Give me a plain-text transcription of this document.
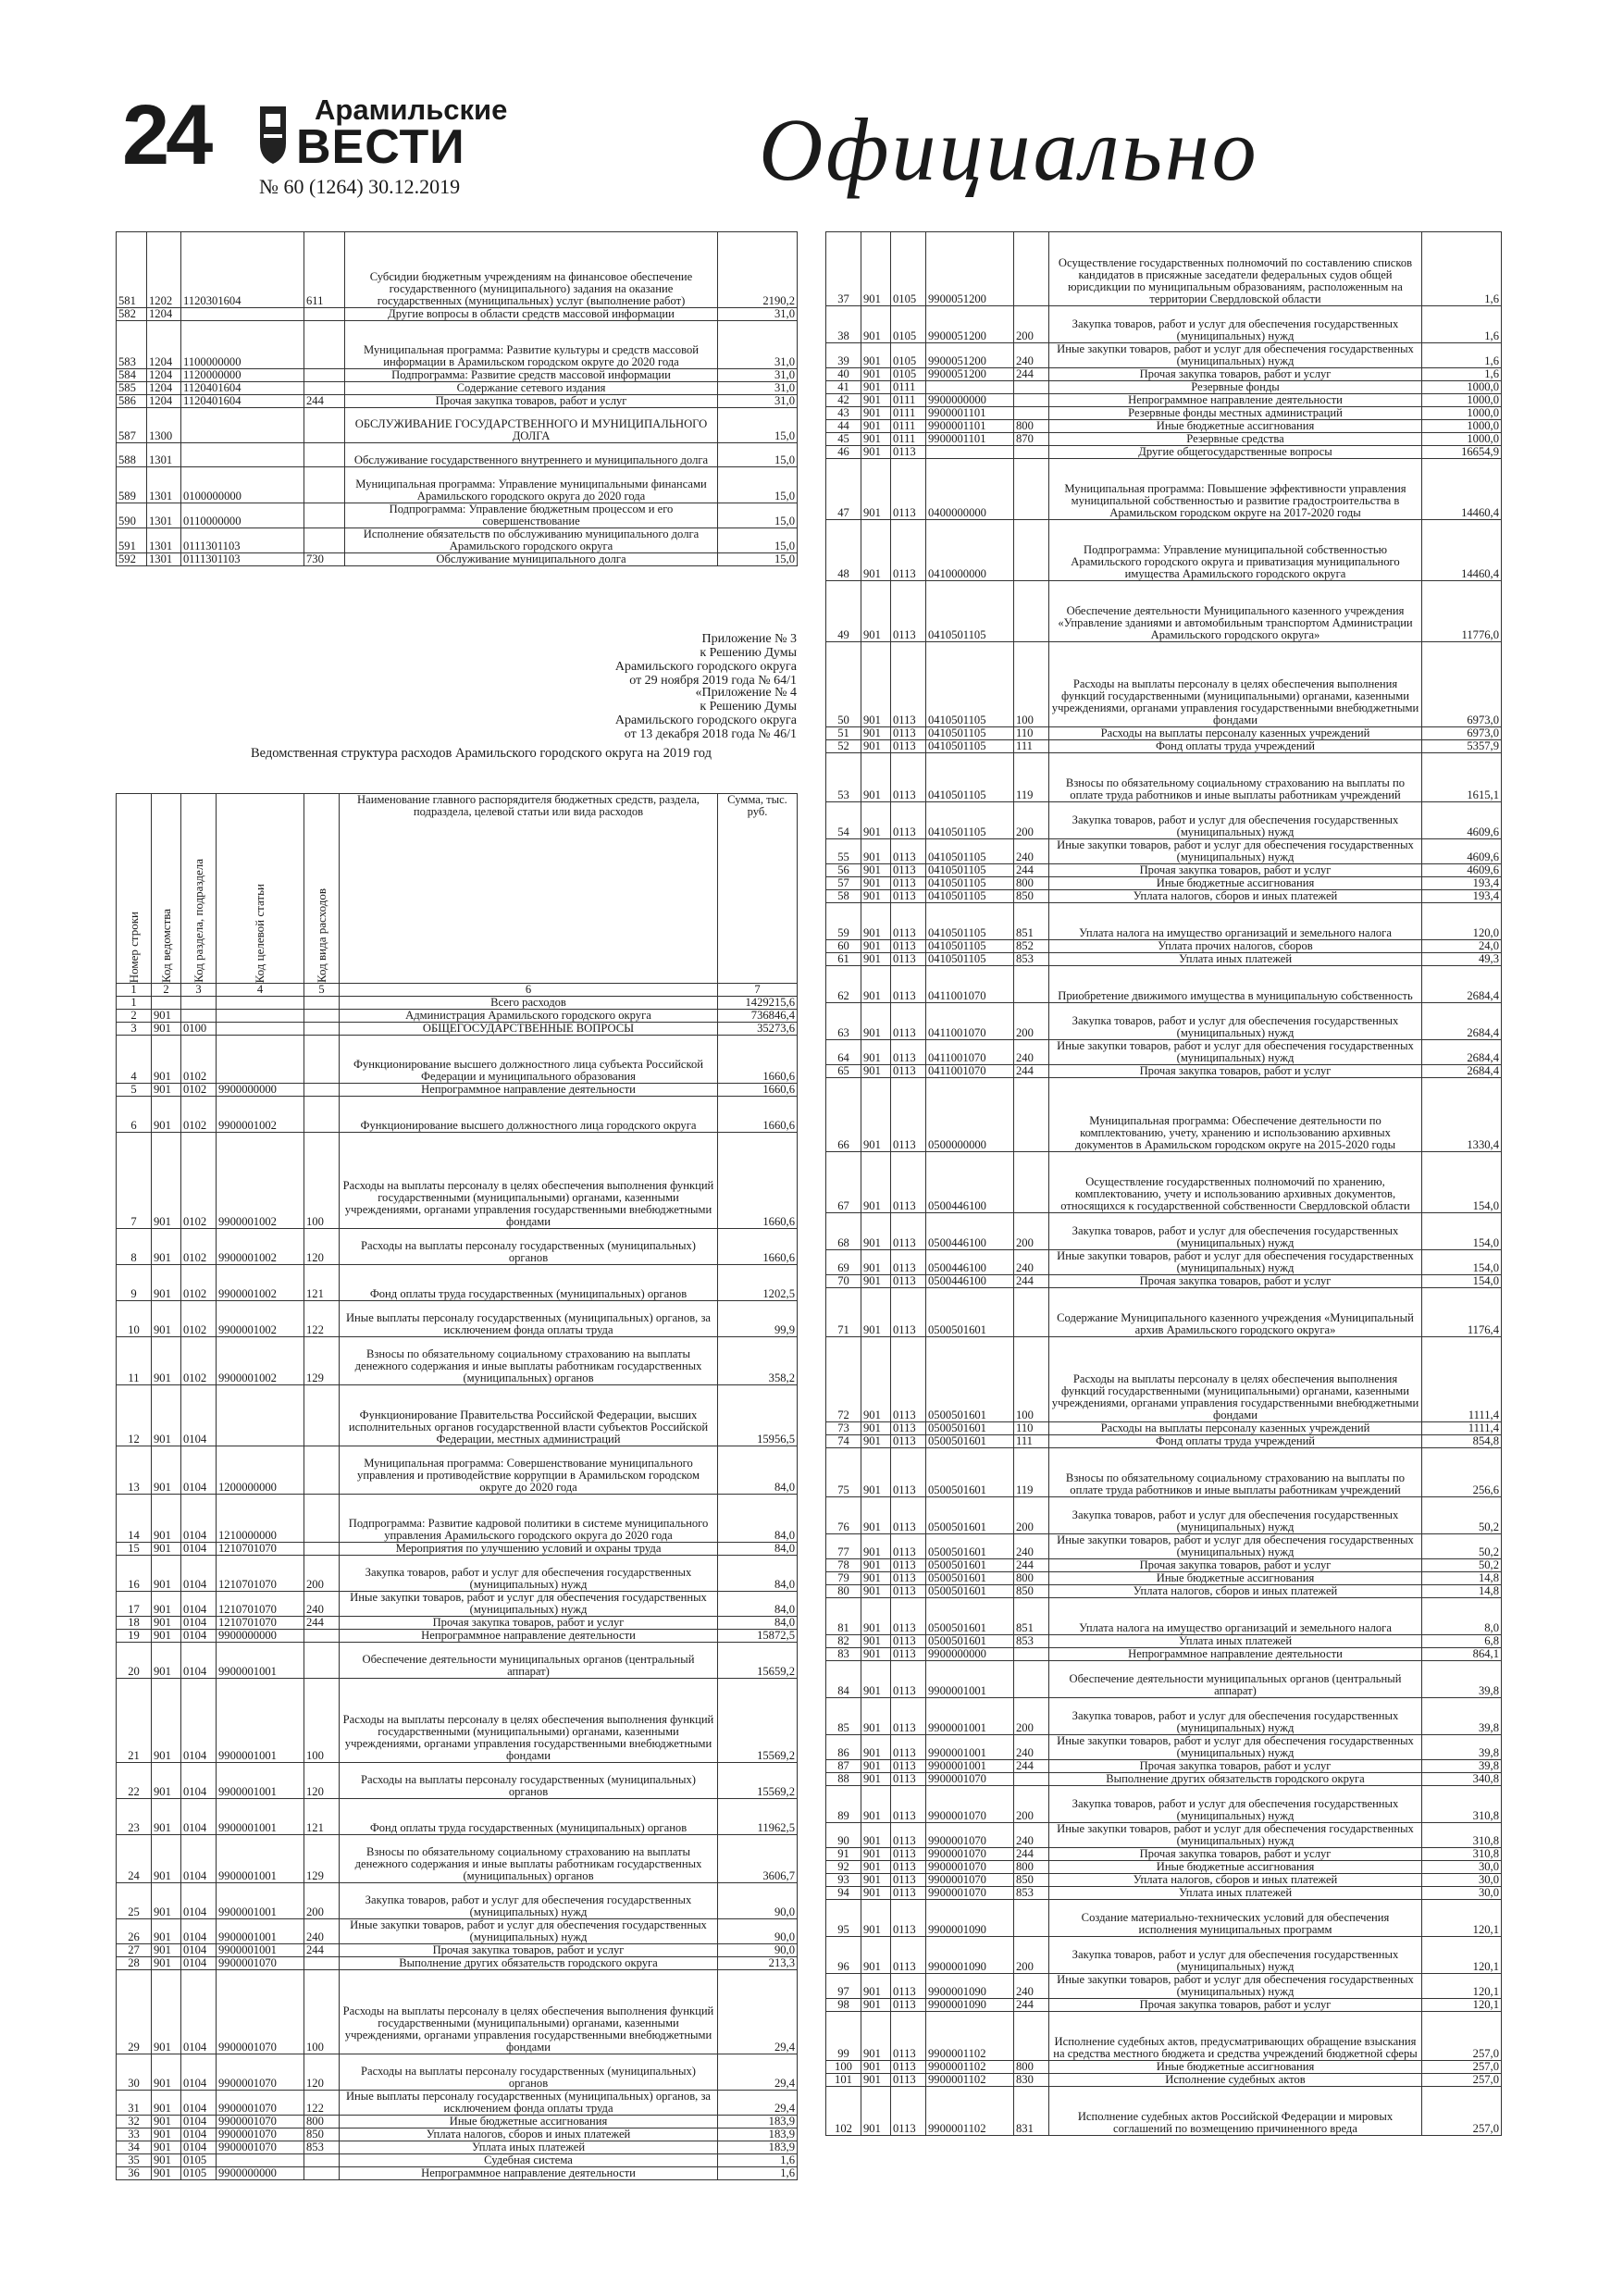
24	Арамильские
ВЕСТИ
№ 60 (1264) 30.12.2019	Официально
581	1202	1120301604	611	Субсидии бюджетным учреждениям на финансовое обеспечение государственного (муниципального) задания на оказание государственных (муниципальных) услуг (выполнение работ)	2190,2
582	1204			Другие вопросы в области средств массовой информации	31,0
583	1204	1100000000		Муниципальная программа: Развитие культуры и средств массовой информации в Арамильском городском округе до 2020 года	31,0
584	1204	1120000000		Подпрограмма: Развитие средств массовой информации	31,0
585	1204	1120401604		Содержание сетевого издания	31,0
586	1204	1120401604	244	Прочая закупка товаров, работ и услуг	31,0
587	1300			ОБСЛУЖИВАНИЕ ГОСУДАРСТВЕННОГО И МУНИЦИПАЛЬНОГО ДОЛГА	15,0
588	1301			Обслуживание государственного внутреннего и муниципального долга	15,0
589	1301	0100000000		Муниципальная программа: Управление муниципальными финансами Арамильского городского округа до 2020 года	15,0
590	1301	0110000000		Подпрограмма: Управление бюджетным процессом и его совершенствование	15,0
591	1301	0111301103		Исполнение обязательств по обслуживанию муниципального долга Арамильского городского округа	15,0
592	1301	0111301103	730	Обслуживание муниципального долга	15,0
Приложение № 3
к Решению Думы
Арамильского городского округа
от 29 ноября 2019 года № 64/1
«Приложение № 4
к Решению Думы
Арамильского городского округа
от 13 декабря 2018 года № 46/1
Ведомственная структура расходов Арамильского городского округа на 2019 год
Номер строки	Код ведомства	Код раздела, подраздела	Код целевой статьи	Код вида расходов	Наименование главного распорядителя бюджетных средств, раздела, подраздела, целевой статьи или вида расходов	Сумма, тыс. руб.
1	2	3	4	5	6	7
1					Всего расходов	1429215,6
2	901				Администрация Арамильского городского округа	736846,4
3	901	0100			ОБЩЕГОСУДАРСТВЕННЫЕ ВОПРОСЫ	35273,6
4	901	0102			Функционирование высшего должностного лица субъекта Российской Федерации и муниципального образования	1660,6
5	901	0102	9900000000		Непрограммное направление деятельности	1660,6
6	901	0102	9900001002		Функционирование высшего должностного лица городского округа	1660,6
7	901	0102	9900001002	100	Расходы на выплаты персоналу в целях обеспечения выполнения функций государственными (муниципальными) органами, казенными учреждениями, органами управления государственными внебюджетными фондами	1660,6
8	901	0102	9900001002	120	Расходы на выплаты персоналу государственных (муниципальных) органов	1660,6
9	901	0102	9900001002	121	Фонд оплаты труда государственных (муниципальных) органов	1202,5
10	901	0102	9900001002	122	Иные выплаты персоналу государственных (муниципальных) органов, за исключением фонда оплаты труда	99,9
11	901	0102	9900001002	129	Взносы по обязательному социальному страхованию на выплаты денежного содержания и иные выплаты работникам государственных (муниципальных) органов	358,2
12	901	0104			Функционирование Правительства Российской Федерации, высших исполнительных органов государственной власти субъектов Российской Федерации, местных администраций	15956,5
13	901	0104	1200000000		Муниципальная программа: Совершенствование муниципального управления и противодействие коррупции в Арамильском городском округе до 2020 года	84,0
14	901	0104	1210000000		Подпрограмма: Развитие кадровой политики в системе муниципального управления Арамильского городского округа до 2020 года	84,0
15	901	0104	1210701070		Мероприятия по улучшению условий и охраны труда	84,0
16	901	0104	1210701070	200	Закупка товаров, работ и услуг для обеспечения государственных (муниципальных) нужд	84,0
17	901	0104	1210701070	240	Иные закупки товаров, работ и услуг для обеспечения государственных (муниципальных) нужд	84,0
18	901	0104	1210701070	244	Прочая закупка товаров, работ и услуг	84,0
19	901	0104	9900000000		Непрограммное направление деятельности	15872,5
20	901	0104	9900001001		Обеспечение деятельности муниципальных органов (центральный аппарат)	15659,2
21	901	0104	9900001001	100	Расходы на выплаты персоналу в целях обеспечения выполнения функций государственными (муниципальными) органами, казенными учреждениями, органами управления государственными внебюджетными фондами	15569,2
22	901	0104	9900001001	120	Расходы на выплаты персоналу государственных (муниципальных) органов	15569,2
23	901	0104	9900001001	121	Фонд оплаты труда государственных (муниципальных) органов	11962,5
24	901	0104	9900001001	129	Взносы по обязательному социальному страхованию на выплаты денежного содержания и иные выплаты работникам государственных (муниципальных) органов	3606,7
25	901	0104	9900001001	200	Закупка товаров, работ и услуг для обеспечения государственных (муниципальных) нужд	90,0
26	901	0104	9900001001	240	Иные закупки товаров, работ и услуг для обеспечения государственных (муниципальных) нужд	90,0
27	901	0104	9900001001	244	Прочая закупка товаров, работ и услуг	90,0
28	901	0104	9900001070		Выполнение других обязательств городского округа	213,3
29	901	0104	9900001070	100	Расходы на выплаты персоналу в целях обеспечения выполнения функций государственными (муниципальными) органами, казенными учреждениями, органами управления государственными внебюджетными фондами	29,4
30	901	0104	9900001070	120	Расходы на выплаты персоналу государственных (муниципальных) органов	29,4
31	901	0104	9900001070	122	Иные выплаты персоналу государственных (муниципальных) органов, за исключением фонда оплаты труда	29,4
32	901	0104	9900001070	800	Иные бюджетные ассигнования	183,9
33	901	0104	9900001070	850	Уплата налогов, сборов и иных платежей	183,9
34	901	0104	9900001070	853	Уплата иных платежей	183,9
35	901	0105			Судебная система	1,6
36	901	0105	9900000000		Непрограммное направление деятельности	1,6
37	901	0105	9900051200		Осуществление государственных полномочий по составлению списков кандидатов в присяжные заседатели федеральных судов общей юрисдикции по муниципальным образованиям, расположенным на территории Свердловской области	1,6
38	901	0105	9900051200	200	Закупка товаров, работ и услуг для обеспечения государственных (муниципальных) нужд	1,6
39	901	0105	9900051200	240	Иные закупки товаров, работ и услуг для обеспечения государственных (муниципальных) нужд	1,6
40	901	0105	9900051200	244	Прочая закупка товаров, работ и услуг	1,6
41	901	0111			Резервные фонды	1000,0
42	901	0111	9900000000		Непрограммное направление деятельности	1000,0
43	901	0111	9900001101		Резервные фонды местных администраций	1000,0
44	901	0111	9900001101	800	Иные бюджетные ассигнования	1000,0
45	901	0111	9900001101	870	Резервные средства	1000,0
46	901	0113			Другие общегосударственные вопросы	16654,9
47	901	0113	0400000000		Муниципальная программа: Повышение эффективности управления муниципальной собственностью и развитие градостроительства в Арамильском городском округе на 2017-2020 годы	14460,4
48	901	0113	0410000000		Подпрограмма: Управление муниципальной собственностью Арамильского городского округа и приватизация муниципального имущества Арамильского городского округа	14460,4
49	901	0113	0410501105		Обеспечение деятельности Муниципального казенного учреждения «Управление зданиями и автомобильным транспортом Администрации Арамильского городского округа»	11776,0
50	901	0113	0410501105	100	Расходы на выплаты персоналу в целях обеспечения выполнения функций государственными (муниципальными) органами, казенными учреждениями, органами управления государственными внебюджетными фондами	6973,0
51	901	0113	0410501105	110	Расходы на выплаты персоналу казенных учреждений	6973,0
52	901	0113	0410501105	111	Фонд оплаты труда учреждений	5357,9
53	901	0113	0410501105	119	Взносы по обязательному социальному страхованию на выплаты по оплате труда работников и иные выплаты работникам учреждений	1615,1
54	901	0113	0410501105	200	Закупка товаров, работ и услуг для обеспечения государственных (муниципальных) нужд	4609,6
55	901	0113	0410501105	240	Иные закупки товаров, работ и услуг для обеспечения государственных (муниципальных) нужд	4609,6
56	901	0113	0410501105	244	Прочая закупка товаров, работ и услуг	4609,6
57	901	0113	0410501105	800	Иные бюджетные ассигнования	193,4
58	901	0113	0410501105	850	Уплата налогов, сборов и иных платежей	193,4
59	901	0113	0410501105	851	Уплата налога на имущество организаций и земельного налога	120,0
60	901	0113	0410501105	852	Уплата прочих налогов, сборов	24,0
61	901	0113	0410501105	853	Уплата иных платежей	49,3
62	901	0113	0411001070		Приобретение движимого имущества в муниципальную собственность	2684,4
63	901	0113	0411001070	200	Закупка товаров, работ и услуг для обеспечения государственных (муниципальных) нужд	2684,4
64	901	0113	0411001070	240	Иные закупки товаров, работ и услуг для обеспечения государственных (муниципальных) нужд	2684,4
65	901	0113	0411001070	244	Прочая закупка товаров, работ и услуг	2684,4
66	901	0113	0500000000		Муниципальная программа: Обеспечение деятельности по комплектованию, учету, хранению и использованию архивных документов в Арамильском городском округе на 2015-2020 годы	1330,4
67	901	0113	0500446100		Осуществление государственных полномочий по хранению, комплектованию, учету и использованию архивных документов, относящихся к государственной собственности Свердловской области	154,0
68	901	0113	0500446100	200	Закупка товаров, работ и услуг для обеспечения государственных (муниципальных) нужд	154,0
69	901	0113	0500446100	240	Иные закупки товаров, работ и услуг для обеспечения государственных (муниципальных) нужд	154,0
70	901	0113	0500446100	244	Прочая закупка товаров, работ и услуг	154,0
71	901	0113	0500501601		Содержание Муниципального казенного учреждения «Муниципальный архив Арамильского городского округа»	1176,4
72	901	0113	0500501601	100	Расходы на выплаты персоналу в целях обеспечения выполнения функций государственными (муниципальными) органами, казенными учреждениями, органами управления государственными внебюджетными фондами	1111,4
73	901	0113	0500501601	110	Расходы на выплаты персоналу казенных учреждений	1111,4
74	901	0113	0500501601	111	Фонд оплаты труда учреждений	854,8
75	901	0113	0500501601	119	Взносы по обязательному социальному страхованию на выплаты по оплате труда работников и иные выплаты работникам учреждений	256,6
76	901	0113	0500501601	200	Закупка товаров, работ и услуг для обеспечения государственных (муниципальных) нужд	50,2
77	901	0113	0500501601	240	Иные закупки товаров, работ и услуг для обеспечения государственных (муниципальных) нужд	50,2
78	901	0113	0500501601	244	Прочая закупка товаров, работ и услуг	50,2
79	901	0113	0500501601	800	Иные бюджетные ассигнования	14,8
80	901	0113	0500501601	850	Уплата налогов, сборов и иных платежей	14,8
81	901	0113	0500501601	851	Уплата налога на имущество организаций и земельного налога	8,0
82	901	0113	0500501601	853	Уплата иных платежей	6,8
83	901	0113	9900000000		Непрограммное направление деятельности	864,1
84	901	0113	9900001001		Обеспечение деятельности муниципальных органов (центральный аппарат)	39,8
85	901	0113	9900001001	200	Закупка товаров, работ и услуг для обеспечения государственных (муниципальных) нужд	39,8
86	901	0113	9900001001	240	Иные закупки товаров, работ и услуг для обеспечения государственных (муниципальных) нужд	39,8
87	901	0113	9900001001	244	Прочая закупка товаров, работ и услуг	39,8
88	901	0113	9900001070		Выполнение других обязательств городского округа	340,8
89	901	0113	9900001070	200	Закупка товаров, работ и услуг для обеспечения государственных (муниципальных) нужд	310,8
90	901	0113	9900001070	240	Иные закупки товаров, работ и услуг для обеспечения государственных (муниципальных) нужд	310,8
91	901	0113	9900001070	244	Прочая закупка товаров, работ и услуг	310,8
92	901	0113	9900001070	800	Иные бюджетные ассигнования	30,0
93	901	0113	9900001070	850	Уплата налогов, сборов и иных платежей	30,0
94	901	0113	9900001070	853	Уплата иных платежей	30,0
95	901	0113	9900001090		Создание материально-технических условий для обеспечения исполнения муниципальных программ	120,1
96	901	0113	9900001090	200	Закупка товаров, работ и услуг для обеспечения государственных (муниципальных) нужд	120,1
97	901	0113	9900001090	240	Иные закупки товаров, работ и услуг для обеспечения государственных (муниципальных) нужд	120,1
98	901	0113	9900001090	244	Прочая закупка товаров, работ и услуг	120,1
99	901	0113	9900001102		Исполнение судебных актов, предусматривающих обращение взыскания на средства местного бюджета и средства учреждений бюджетной сферы	257,0
100	901	0113	9900001102	800	Иные бюджетные ассигнования	257,0
101	901	0113	9900001102	830	Исполнение судебных актов	257,0
102	901	0113	9900001102	831	Исполнение судебных актов Российской Федерации и мировых соглашений по возмещению причиненного вреда	257,0
